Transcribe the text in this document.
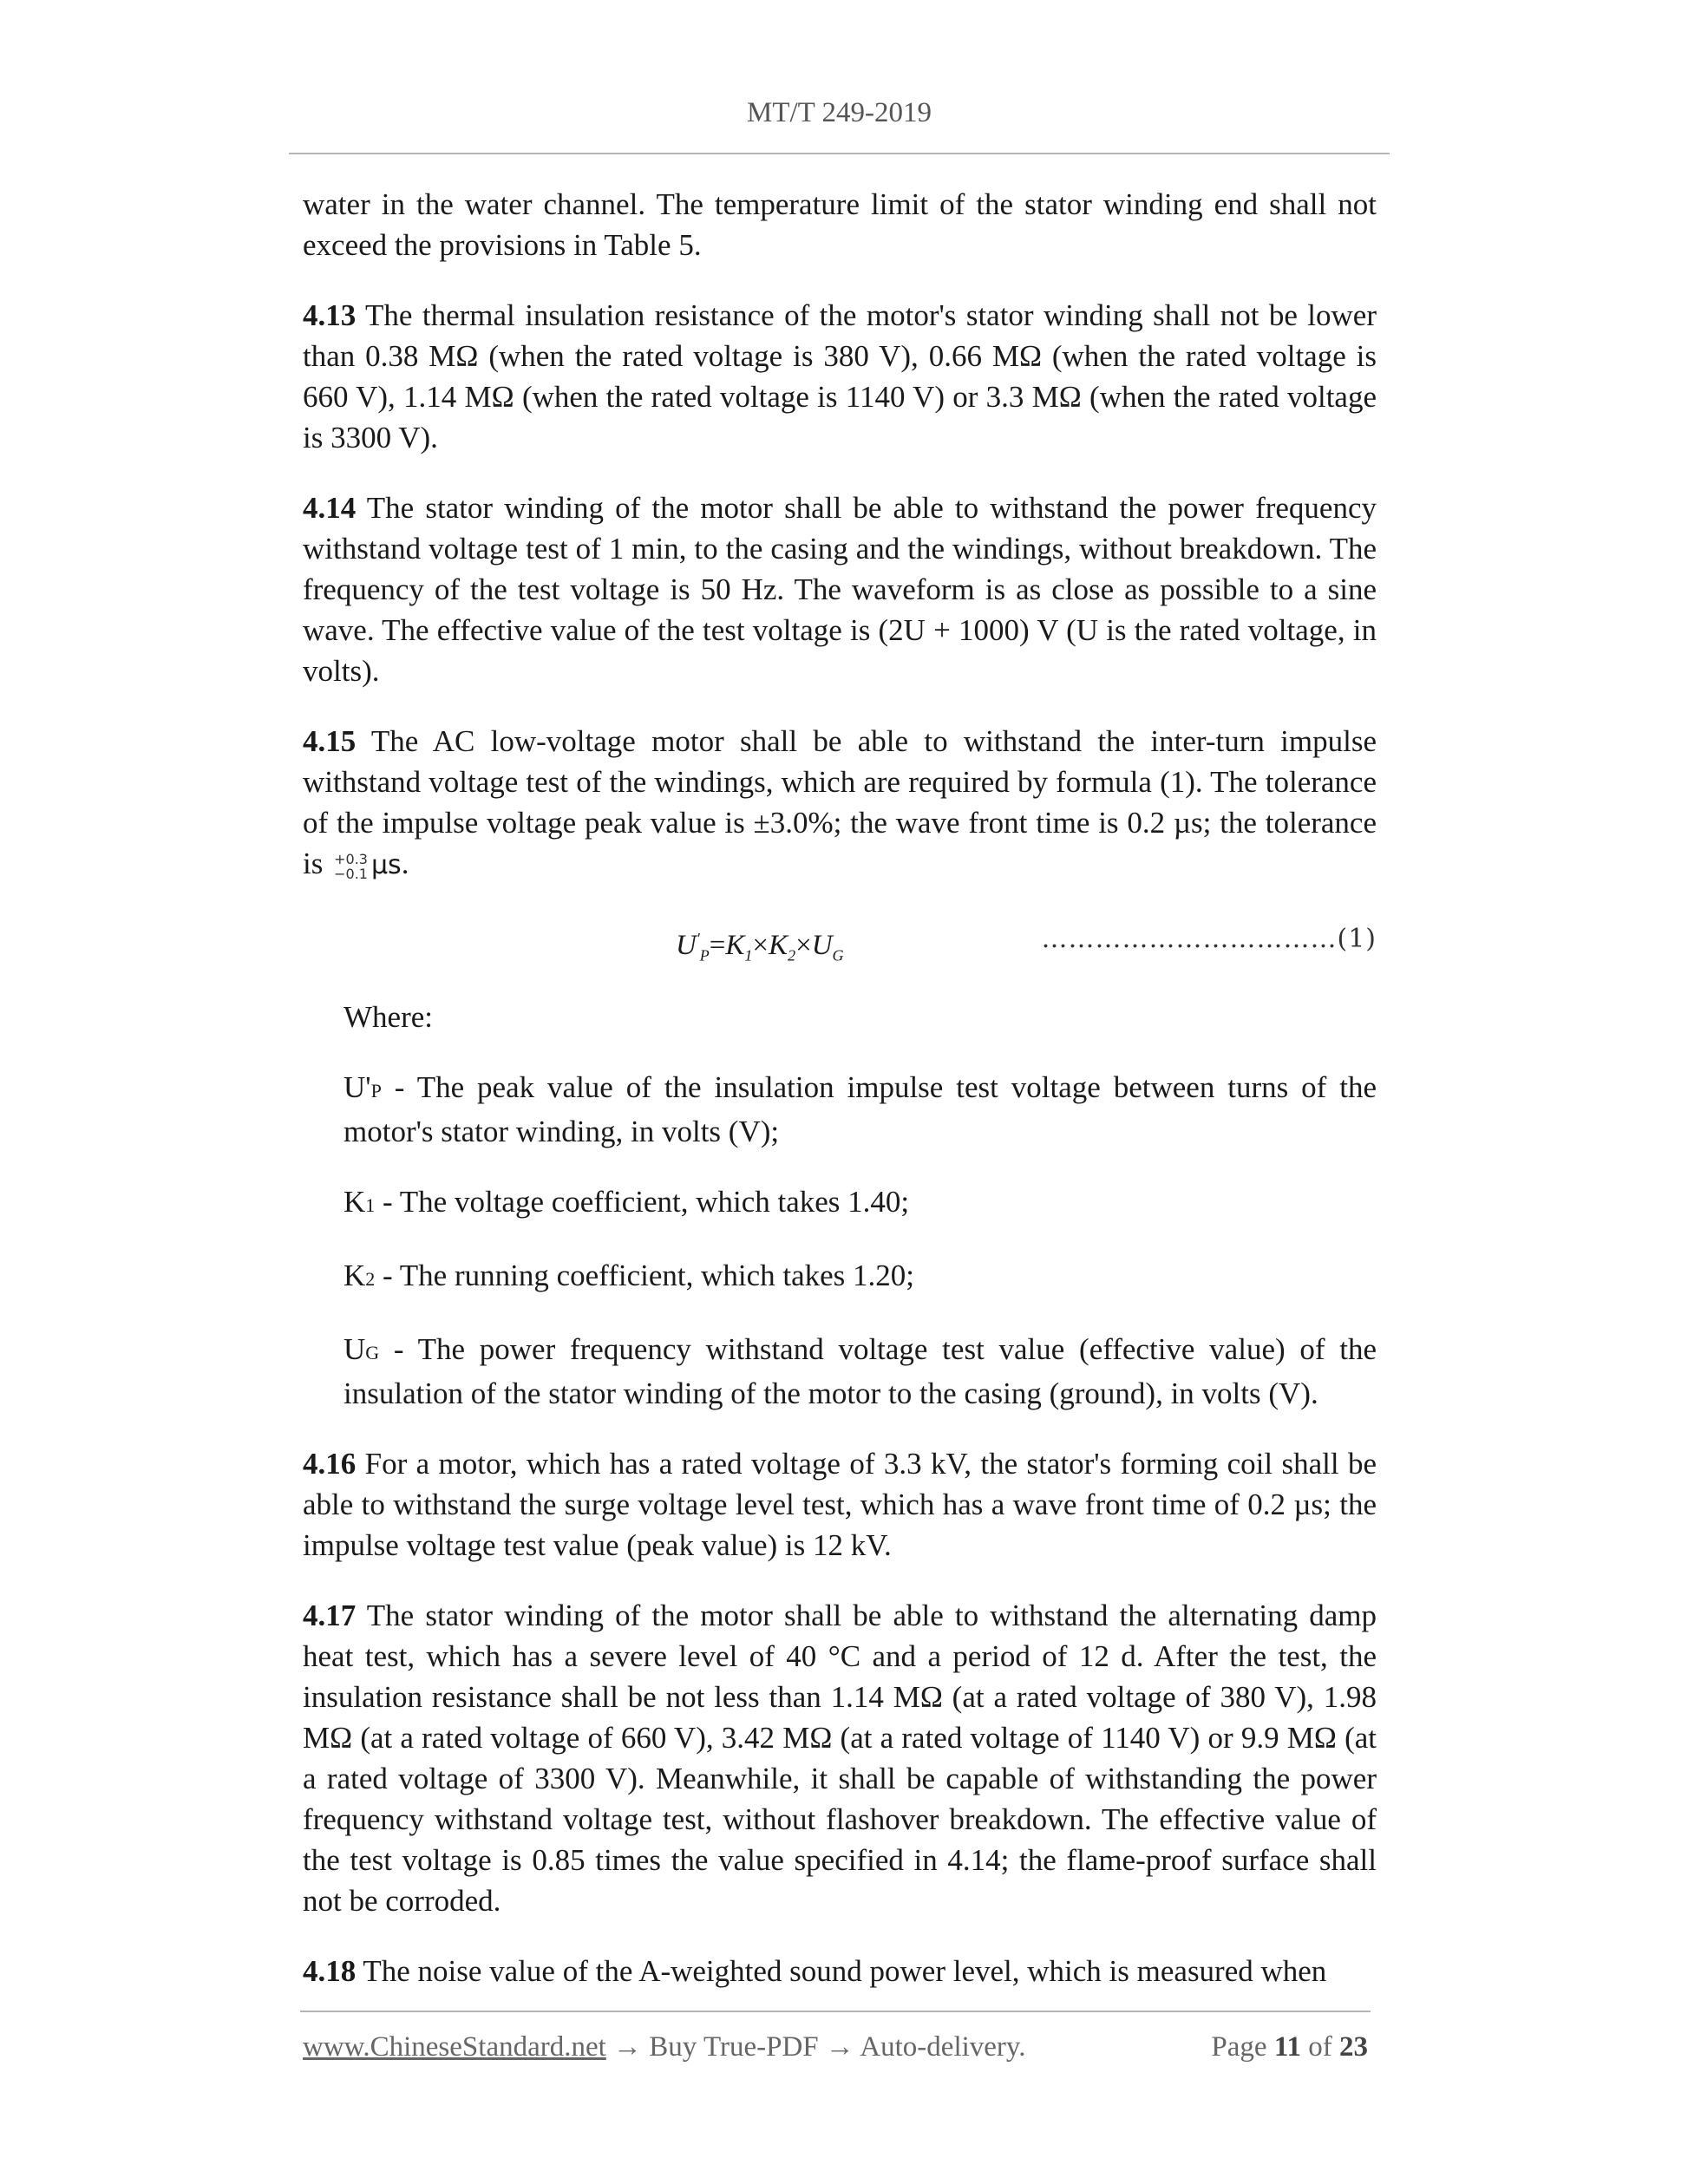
MT/T 249-2019

water in the water channel. The temperature limit of the stator winding end shall not exceed the provisions in Table 5.

4.13 The thermal insulation resistance of the motor's stator winding shall not be lower than 0.38 MΩ (when the rated voltage is 380 V), 0.66 MΩ (when the rated voltage is 660 V), 1.14 MΩ (when the rated voltage is 1140 V) or 3.3 MΩ (when the rated voltage is 3300 V).

4.14 The stator winding of the motor shall be able to withstand the power frequency withstand voltage test of 1 min, to the casing and the windings, without breakdown. The frequency of the test voltage is 50 Hz. The waveform is as close as possible to a sine wave. The effective value of the test voltage is (2U + 1000) V (U is the rated voltage, in volts).

4.15 The AC low-voltage motor shall be able to withstand the inter-turn impulse withstand voltage test of the windings, which are required by formula (1). The tolerance of the impulse voltage peak value is ±3.0%; the wave front time is 0.2 µs; the tolerance is +0.3
−0.1 μs.

$U'_P=K_1\times K_2\times U_G$
……………………………(1)

Where:

U'P - The peak value of the insulation impulse test voltage between turns of the motor's stator winding, in volts (V);

K1 - The voltage coefficient, which takes 1.40;

K2 - The running coefficient, which takes 1.20;

UG - The power frequency withstand voltage test value (effective value) of the insulation of the stator winding of the motor to the casing (ground), in volts (V).

4.16 For a motor, which has a rated voltage of 3.3 kV, the stator's forming coil shall be able to withstand the surge voltage level test, which has a wave front time of 0.2 µs; the impulse voltage test value (peak value) is 12 kV.

4.17 The stator winding of the motor shall be able to withstand the alternating damp heat test, which has a severe level of 40 °C and a period of 12 d. After the test, the insulation resistance shall be not less than 1.14 MΩ (at a rated voltage of 380 V), 1.98 MΩ (at a rated voltage of 660 V), 3.42 MΩ (at a rated voltage of 1140 V) or 9.9 MΩ (at a rated voltage of 3300 V). Meanwhile, it shall be capable of withstanding the power frequency withstand voltage test, without flashover breakdown. The effective value of the test voltage is 0.85 times the value specified in 4.14; the flame-proof surface shall not be corroded.

4.18 The noise value of the A-weighted sound power level, which is measured when

www.ChineseStandard.net → Buy True-PDF → Auto-delivery.	Page 11 of 23
